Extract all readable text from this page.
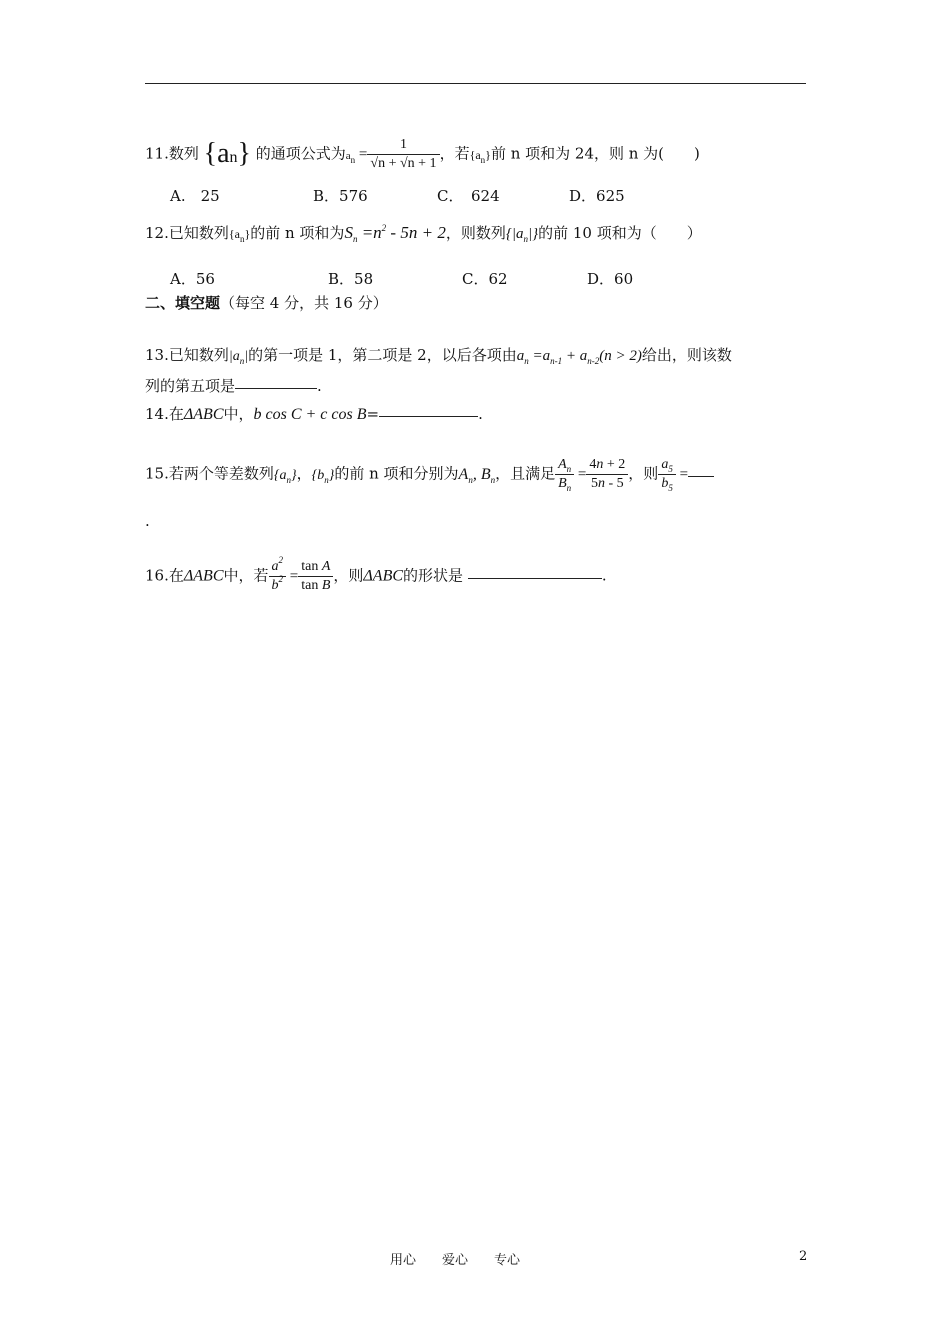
11.数列 {an} 的通项公式为$a_n = \frac{1}{√n + √n + 1}$ ，若$\{a_n\}$前 n 项和为 24，则 n 为(　　)
A.　25	B．576	C．　624	D．625
12.已知数列$\{a_n\}$的前 n 项和为$S_n =n^2 - 5n + 2$，则数列$\{|a_n|\}$的前 10 项和为（　　）
A．56	B．58	C．62	D．60
二、填空题（每空 4 分，共 16 分）
13.已知数列$|a_n|$的第一项是 1，第二项是 2，以后各项由$a_n =a_{n-1} + a_{n-2}(n > 2)$给出，则该数
列的第五项是	.
14.在ΔABC中，b cos C + c cos B=	.
15.若两个等差数列$\{a_n\}$，$\{b_n\}$的前 n 项和分别为$A_n$, $B_n$，且满足 $\frac{A_n}{B_n} = \frac{4n + 2}{5n - 5}$ ，则 $\frac{a_5}{b_5}$ =
.
16.在ΔABC中，若 $\frac{a^2}{b^2} = \frac{\text{tan A}}{\text{tan B}}$ ，则ΔABC的形状是	.
用心　　爱心　　专心	2
